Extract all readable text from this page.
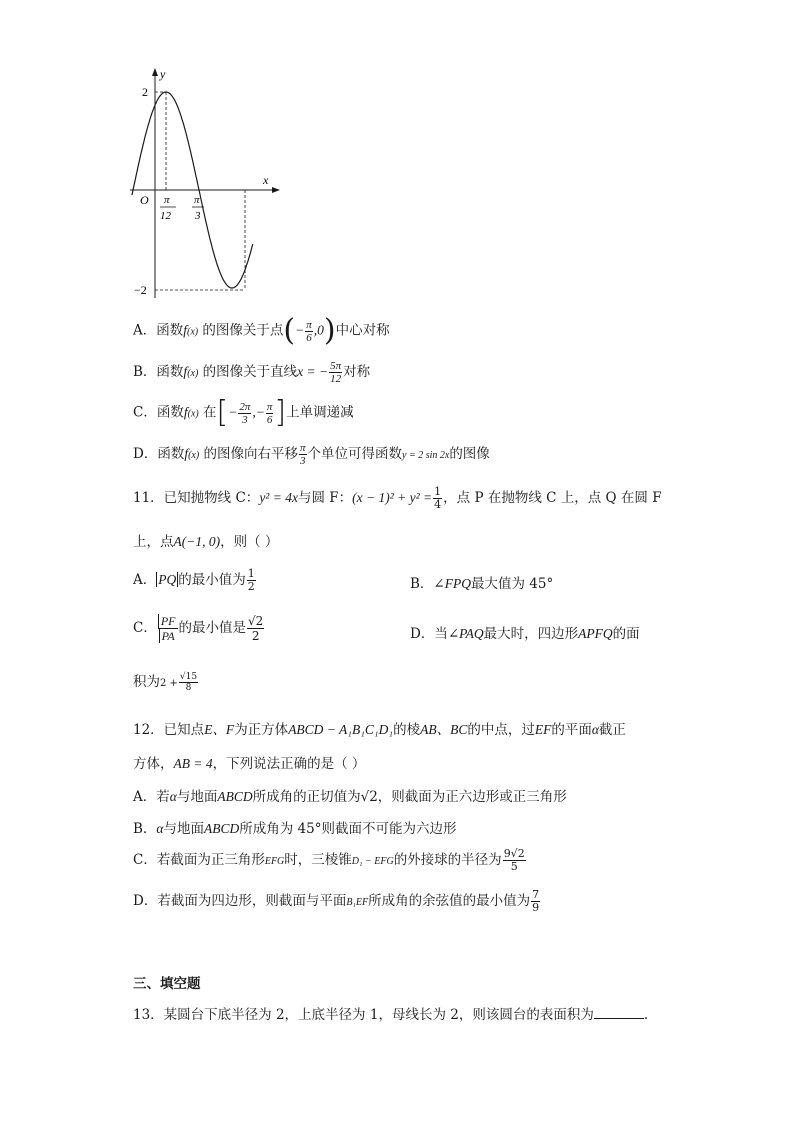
y
x
O
2
−2
π
12
π
3
A．函数f(x) 的图像关于点(− $\frac{\pi}{6} ,0$)中心对称
B．函数f(x) 的图像关于直线x = − $\frac{5\pi}{12}$ 对称
C．函数f(x) 在[− $\frac{2\pi}{3}$ ,− $\frac{\pi}{6}$ ]上单调递减
D．函数f(x) 的图像向右平移 $\frac{\pi}{3}$ 个单位可得函数y = 2 sin 2x的图像
11．已知抛物线 C：y² = 4x与圆 F：$(x - 1)^2 + y^2 = \frac{1}{4}$ ，点 P 在抛物线 C 上，点 Q 在圆 F
上，点A(−1, 0)，则（ ）
A． PQ 的最小值为 $\frac{1}{2}$	B．∠FPQ最大值为 45°
C． $\frac{PF}{PA}$ 的最小值是 $\frac{√2}{2}$	D．当∠PAQ最大时，四边形APFQ的面
积为$2 + \frac{√15}{8}$
12．已知点E、F为正方体ABCD − A₁B₁C₁D₁的棱AB、BC的中点，过EF的平面α截正
方体，AB = 4，下列说法正确的是（ ）
A．若α与地面ABCD所成角的正切值为√2，则截面为正六边形或正三角形
B．α与地面ABCD所成角为 45°则截面不可能为六边形
C．若截面为正三角形EFG时，三棱锥D₁ − EFG的外接球的半径为 $\frac{9√2}{5}$
D．若截面为四边形，则截面与平面B₁EF所成角的余弦值的最小值为 $\frac{7}{9}$
三、填空题
13．某圆台下底半径为 2，上底半径为 1，母线长为 2，则该圆台的表面积为	.
